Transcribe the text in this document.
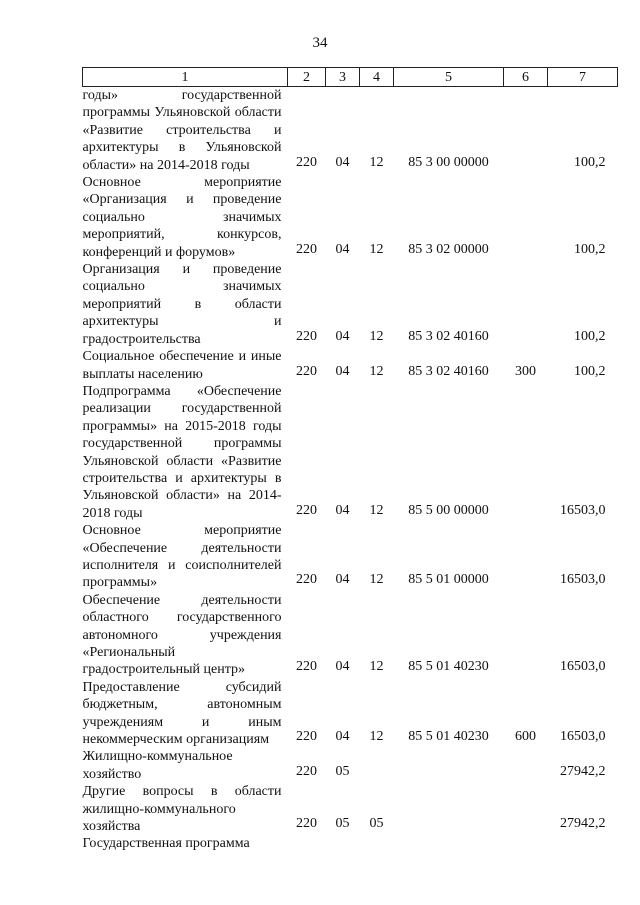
34
1	2	3	4	5	6	7
годы» государственной программы Ульяновской области «Развитие строительства и архитектуры в Ульяновской области» на 2014-2018 годы	220	04	12	85 3 00 00000		100,2
Основное мероприятие «Организация и проведение социально значимых мероприятий, конкурсов, конференций и форумов»	220	04	12	85 3 02 00000		100,2
Организация и проведение социально значимых мероприятий в области архитектуры и градостроительства	220	04	12	85 3 02 40160		100,2
Социальное обеспечение и иные выплаты населению	220	04	12	85 3 02 40160	300	100,2
Подпрограмма «Обеспечение реализации государственной программы» на 2015-2018 годы государственной программы Ульяновской области «Развитие строительства и архитектуры в Ульяновской области» на 2014-2018 годы	220	04	12	85 5 00 00000		16503,0
Основное мероприятие «Обеспечение деятельности исполнителя и соисполнителей программы»	220	04	12	85 5 01 00000		16503,0
Обеспечение деятельности областного государственного автономного учреждения «Региональный градостроительный центр»	220	04	12	85 5 01 40230		16503,0
Предоставление субсидий бюджетным, автономным учреждениям и иным некоммерческим организациям	220	04	12	85 5 01 40230	600	16503,0
Жилищно-коммунальное хозяйство	220	05				27942,2
Другие вопросы в области жилищно-коммунального хозяйства	220	05	05			27942,2
Государственная программа						
